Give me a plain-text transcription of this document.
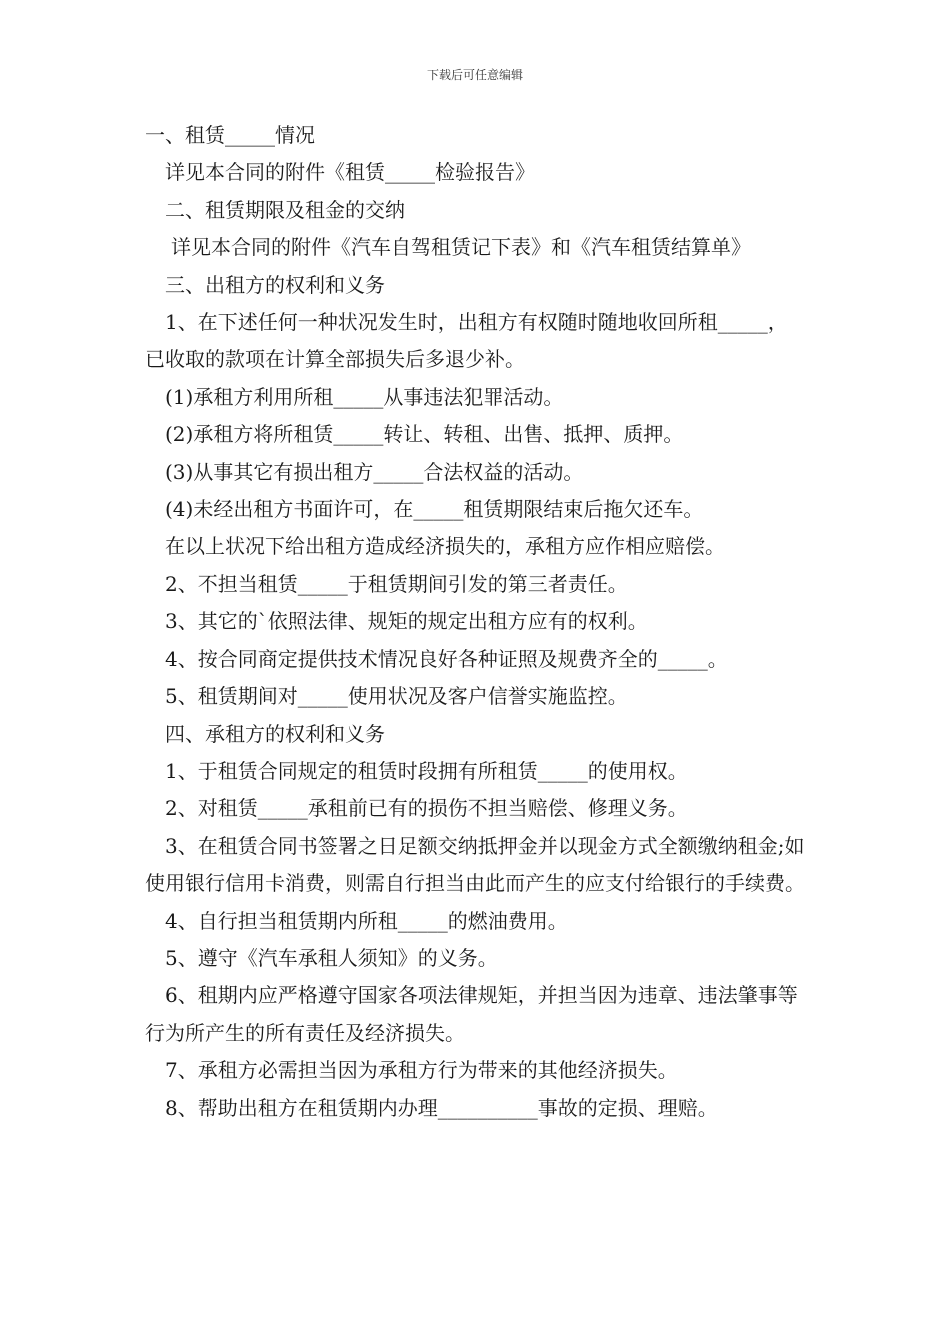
下载后可任意编辑

一、租赁_____情况

详见本合同的附件《租赁_____检验报告》

二、租赁期限及租金的交纳

详见本合同的附件《汽车自驾租赁记下表》和《汽车租赁结算单》

三、出租方的权利和义务

1、在下述任何一种状况发生时，出租方有权随时随地收回所租_____，已收取的款项在计算全部损失后多退少补。

(1)承租方利用所租_____从事违法犯罪活动。

(2)承租方将所租赁_____转让、转租、出售、抵押、质押。

(3)从事其它有损出租方_____合法权益的活动。

(4)未经出租方书面许可，在_____租赁期限结束后拖欠还车。

在以上状况下给出租方造成经济损失的，承租方应作相应赔偿。

2、不担当租赁_____于租赁期间引发的第三者责任。

3、其它的`依照法律、规矩的规定出租方应有的权利。

4、按合同商定提供技术情况良好各种证照及规费齐全的_____。

5、租赁期间对_____使用状况及客户信誉实施监控。

四、承租方的权利和义务

1、于租赁合同规定的租赁时段拥有所租赁_____的使用权。

2、对租赁_____承租前已有的损伤不担当赔偿、修理义务。

3、在租赁合同书签署之日足额交纳抵押金并以现金方式全额缴纳租金;如使用银行信用卡消费，则需自行担当由此而产生的应支付给银行的手续费。

4、自行担当租赁期内所租_____的燃油费用。

5、遵守《汽车承租人须知》的义务。

6、租期内应严格遵守国家各项法律规矩，并担当因为违章、违法肇事等行为所产生的所有责任及经济损失。

7、承租方必需担当因为承租方行为带来的其他经济损失。

8、帮助出租方在租赁期内办理__________事故的定损、理赔。
